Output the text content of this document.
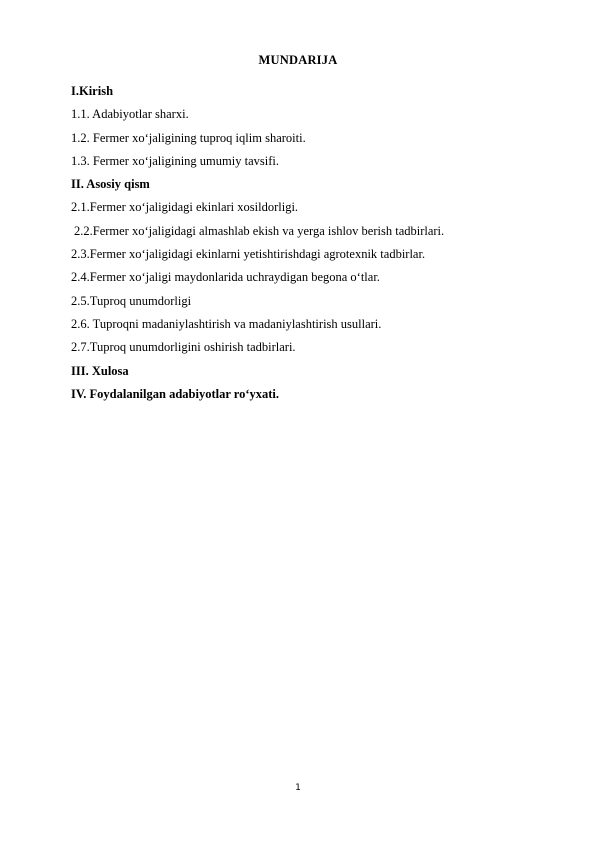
MUNDARIJA
I.Kirish
1.1. Adabiyotlar sharxi.
1.2. Fermer xo‘jaligining tuproq iqlim sharoiti.
1.3. Fermer xo‘jaligining umumiy tavsifi.
II. Asosiy qism
2.1.Fermer xo‘jaligidagi ekinlari xosildorligi.
2.2.Fermer xo‘jaligidagi almashlab ekish va yerga ishlov berish tadbirlari.
2.3.Fermer xo‘jaligidagi ekinlarni yetishtirishdagi agrotexnik tadbirlar.
2.4.Fermer xo‘jaligi maydonlarida uchraydigan begona o‘tlar.
2.5.Tuproq unumdorligi
2.6. Tuproqni madaniylashtirish va madaniylashtirish usullari.
2.7.Tuproq unumdorligini oshirish tadbirlari.
III. Xulosa
IV. Foydalanilgan adabiyotlar ro‘yxati.
1
